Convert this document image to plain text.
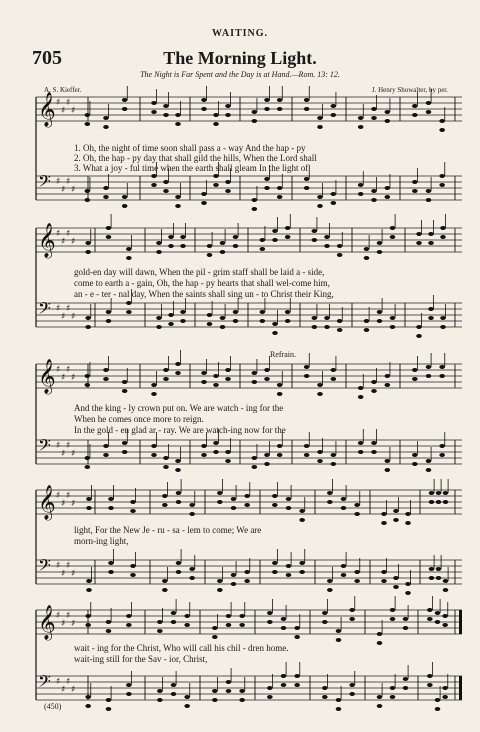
WAITING.
705	The Morning Light.
The Night is Far Spent and the Day is at Hand.—Rom. 13: 12.
A. S. Kieffer.	J. Henry Showalter, by per.
𝄞 ♯
♯
♯
♯
𝄢 ♯
♯
♯
♯
𝄞 ♯
♯
♯
♯
𝄢 ♯
♯
♯
♯
𝄞 ♯
♯
♯
♯
𝄢 ♯
♯
♯
♯
𝄞 ♯
♯
♯
♯
𝄢 ♯
♯
♯
♯
𝄞 ♯
♯
♯
♯
𝄢 ♯
♯
♯
♯
1. Oh, the night of time soon shall pass a - way And the hap - py
2. Oh, the hap - py day that shall gild the hills, When the Lord shall
3. What a joy - ful time when the earth shall gleam In the light of
gold-en day will dawn, When the pil - grim staff shall be laid a - side,
come to earth a - gain, Oh, the hap - py hearts that shall wel-come him,
an - e - ter - nal day, When the saints shall sing un - to Christ their King,
Refrain.
And the king - ly crown put on. We are watch - ing for the
When he comes once more to reign.
In the gold - en glad ar - ray. We are watch-ing now for the
light, For the New Je - ru - sa - lem to come; We are
morn-ing light,
wait - ing for the Christ, Who will call his chil - dren home.
wait-ing still for the Sav - ior, Christ,
(450)
